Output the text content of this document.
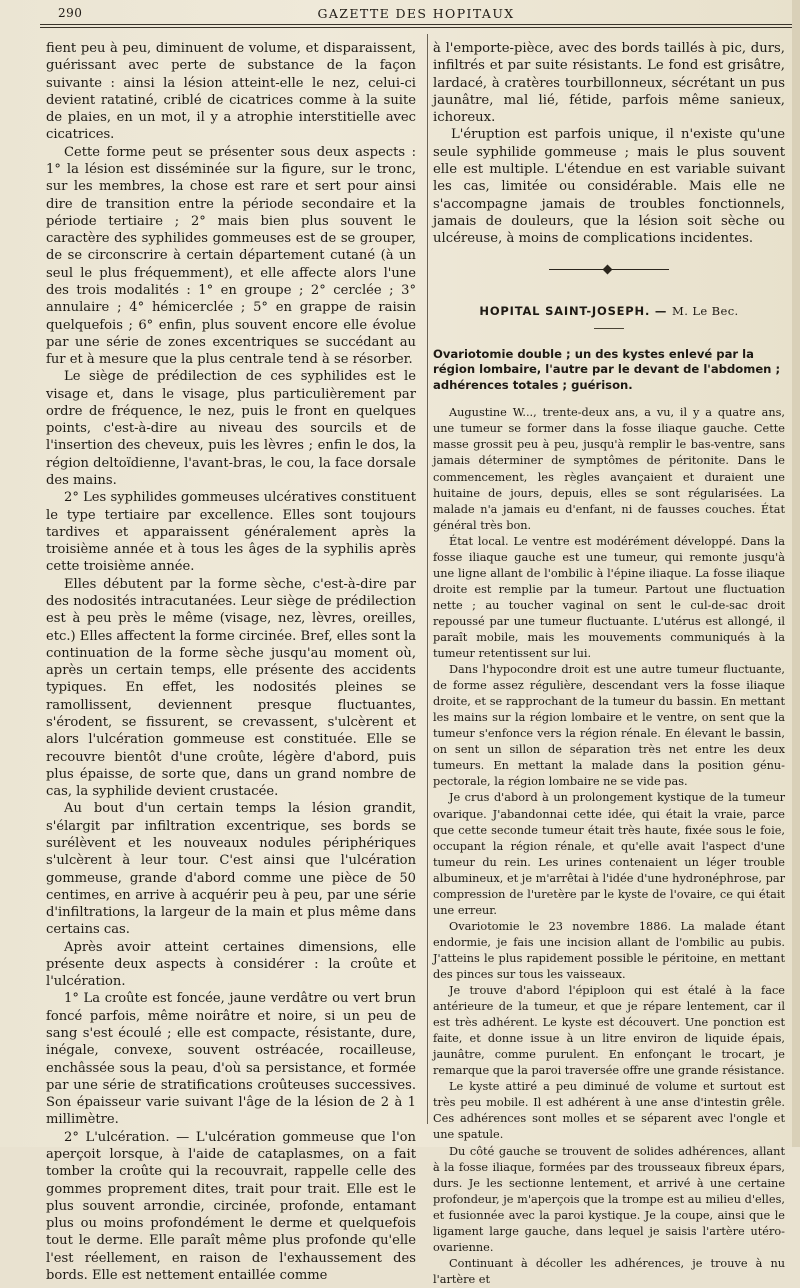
290	GAZETTE DES HOPITAUX

fient peu à peu, diminuent de volume, et disparaissent, guérissant avec perte de substance de la façon suivante : ainsi la lésion atteint-elle le nez, celui-ci devient ratatiné, criblé de cicatrices comme à la suite de plaies, en un mot, il y a atrophie interstitielle avec cicatrices.

Cette forme peut se présenter sous deux aspects : 1° la lésion est disséminée sur la figure, sur le tronc, sur les membres, la chose est rare et sert pour ainsi dire de transition entre la période secondaire et la période tertiaire ; 2° mais bien plus souvent le caractère des syphilides gommeuses est de se grouper, de se circonscrire à certain département cutané (à un seul le plus fréquemment), et elle affecte alors l'une des trois modalités : 1° en groupe ; 2° cerclée ; 3° annulaire ; 4° hémicerclée ; 5° en grappe de raisin quelquefois ; 6° enfin, plus souvent encore elle évolue par une série de zones excentriques se succédant au fur et à mesure que la plus centrale tend à se résorber.

Le siège de prédilection de ces syphilides est le visage et, dans le visage, plus particulièrement par ordre de fréquence, le nez, puis le front en quelques points, c'est-à-dire au niveau des sourcils et de l'insertion des cheveux, puis les lèvres ; enfin le dos, la région deltoïdienne, l'avant-bras, le cou, la face dorsale des mains.

2° Les syphilides gommeuses ulcératives constituent le type tertiaire par excellence. Elles sont toujours tardives et apparaissent généralement après la troisième année et à tous les âges de la syphilis après cette troisième année.

Elles débutent par la forme sèche, c'est-à-dire par des nodosités intracutanées. Leur siège de prédilection est à peu près le même (visage, nez, lèvres, oreilles, etc.) Elles affectent la forme circinée. Bref, elles sont la continuation de la forme sèche jusqu'au moment où, après un certain temps, elle présente des accidents typiques. En effet, les nodosités pleines se ramollissent, deviennent presque fluctuantes, s'érodent, se fissurent, se crevassent, s'ulcèrent et alors l'ulcération gommeuse est constituée. Elle se recouvre bientôt d'une croûte, légère d'abord, puis plus épaisse, de sorte que, dans un grand nombre de cas, la syphilide devient crustacée.

Au bout d'un certain temps la lésion grandit, s'élargit par infiltration excentrique, ses bords se surélèvent et les nouveaux nodules périphériques s'ulcèrent à leur tour. C'est ainsi que l'ulcération gommeuse, grande d'abord comme une pièce de 50 centimes, en arrive à acquérir peu à peu, par une série d'infiltrations, la largeur de la main et plus même dans certains cas.

Après avoir atteint certaines dimensions, elle présente deux aspects à considérer : la croûte et l'ulcération.

1° La croûte est foncée, jaune verdâtre ou vert brun foncé parfois, même noirâtre et noire, si un peu de sang s'est écoulé ; elle est compacte, résistante, dure, inégale, convexe, souvent ostréacée, rocailleuse, enchâssée sous la peau, d'où sa persistance, et formée par une série de stratifications croûteuses successives. Son épaisseur varie suivant l'âge de la lésion de 2 à 1 millimètre.

2° L'ulcération. — L'ulcération gommeuse que l'on aperçoit lorsque, à l'aide de cataplasmes, on a fait tomber la croûte qui la recouvrait, rappelle celle des gommes proprement dites, trait pour trait. Elle est le plus souvent arrondie, circinée, profonde, entamant plus ou moins profondément le derme et quelquefois tout le derme. Elle paraît même plus profonde qu'elle l'est réellement, en raison de l'exhaussement des bords. Elle est nettement entaillée comme

à l'emporte-pièce, avec des bords taillés à pic, durs, infiltrés et par suite résistants. Le fond est grisâtre, lardacé, à cratères tourbillonneux, sécrétant un pus jaunâtre, mal lié, fétide, parfois même sanieux, ichoreux.

L'éruption est parfois unique, il n'existe qu'une seule syphilide gommeuse ; mais le plus souvent elle est multiple. L'étendue en est variable suivant les cas, limitée ou considérable. Mais elle ne s'accompagne jamais de troubles fonctionnels, jamais de douleurs, que la lésion soit sèche ou ulcéreuse, à moins de complications incidentes.

HOPITAL SAINT-JOSEPH. — M. Le Bec.
Ovariotomie double ; un des kystes enlevé par la région lombaire, l'autre par le devant de l'abdomen ; adhérences totales ; guérison.

Augustine W..., trente-deux ans, a vu, il y a quatre ans, une tumeur se former dans la fosse iliaque gauche. Cette masse grossit peu à peu, jusqu'à remplir le bas-ventre, sans jamais déterminer de symptômes de péritonite. Dans le commencement, les règles avançaient et duraient une huitaine de jours, depuis, elles se sont régularisées. La malade n'a jamais eu d'enfant, ni de fausses couches. État général très bon.

État local. Le ventre est modérément développé. Dans la fosse iliaque gauche est une tumeur, qui remonte jusqu'à une ligne allant de l'ombilic à l'épine iliaque. La fosse iliaque droite est remplie par la tumeur. Partout une fluctuation nette ; au toucher vaginal on sent le cul-de-sac droit repoussé par une tumeur fluctuante. L'utérus est allongé, il paraît mobile, mais les mouvements communiqués à la tumeur retentissent sur lui.

Dans l'hypocondre droit est une autre tumeur fluctuante, de forme assez régulière, descendant vers la fosse iliaque droite, et se rapprochant de la tumeur du bassin. En mettant les mains sur la région lombaire et le ventre, on sent que la tumeur s'enfonce vers la région rénale. En élevant le bassin, on sent un sillon de séparation très net entre les deux tumeurs. En mettant la malade dans la position génu-pectorale, la région lombaire ne se vide pas.

Je crus d'abord à un prolongement kystique de la tumeur ovarique. J'abandonnai cette idée, qui était la vraie, parce que cette seconde tumeur était très haute, fixée sous le foie, occupant la région rénale, et qu'elle avait l'aspect d'une tumeur du rein. Les urines contenaient un léger trouble albumineux, et je m'arrêtai à l'idée d'une hydronéphrose, par compression de l'uretère par le kyste de l'ovaire, ce qui était une erreur.

Ovariotomie le 23 novembre 1886. La malade étant endormie, je fais une incision allant de l'ombilic au pubis. J'atteins le plus rapidement possible le péritoine, en mettant des pinces sur tous les vaisseaux.

Je trouve d'abord l'épiploon qui est étalé à la face antérieure de la tumeur, et que je répare lentement, car il est très adhérent. Le kyste est découvert. Une ponction est faite, et donne issue à un litre environ de liquide épais, jaunâtre, comme purulent. En enfonçant le trocart, je remarque que la paroi traversée offre une grande résistance.

Le kyste attiré a peu diminué de volume et surtout est très peu mobile. Il est adhérent à une anse d'intestin grêle. Ces adhérences sont molles et se séparent avec l'ongle et une spatule.

Du côté gauche se trouvent de solides adhérences, allant à la fosse iliaque, formées par des trousseaux fibreux épars, durs. Je les sectionne lentement, et arrivé à une certaine profondeur, je m'aperçois que la trompe est au milieu d'elles, et fusionnée avec la paroi kystique. Je la coupe, ainsi que le ligament large gauche, dans lequel je saisis l'artère utéro-ovarienne.

Continuant à décoller les adhérences, je trouve à nu l'artère et
